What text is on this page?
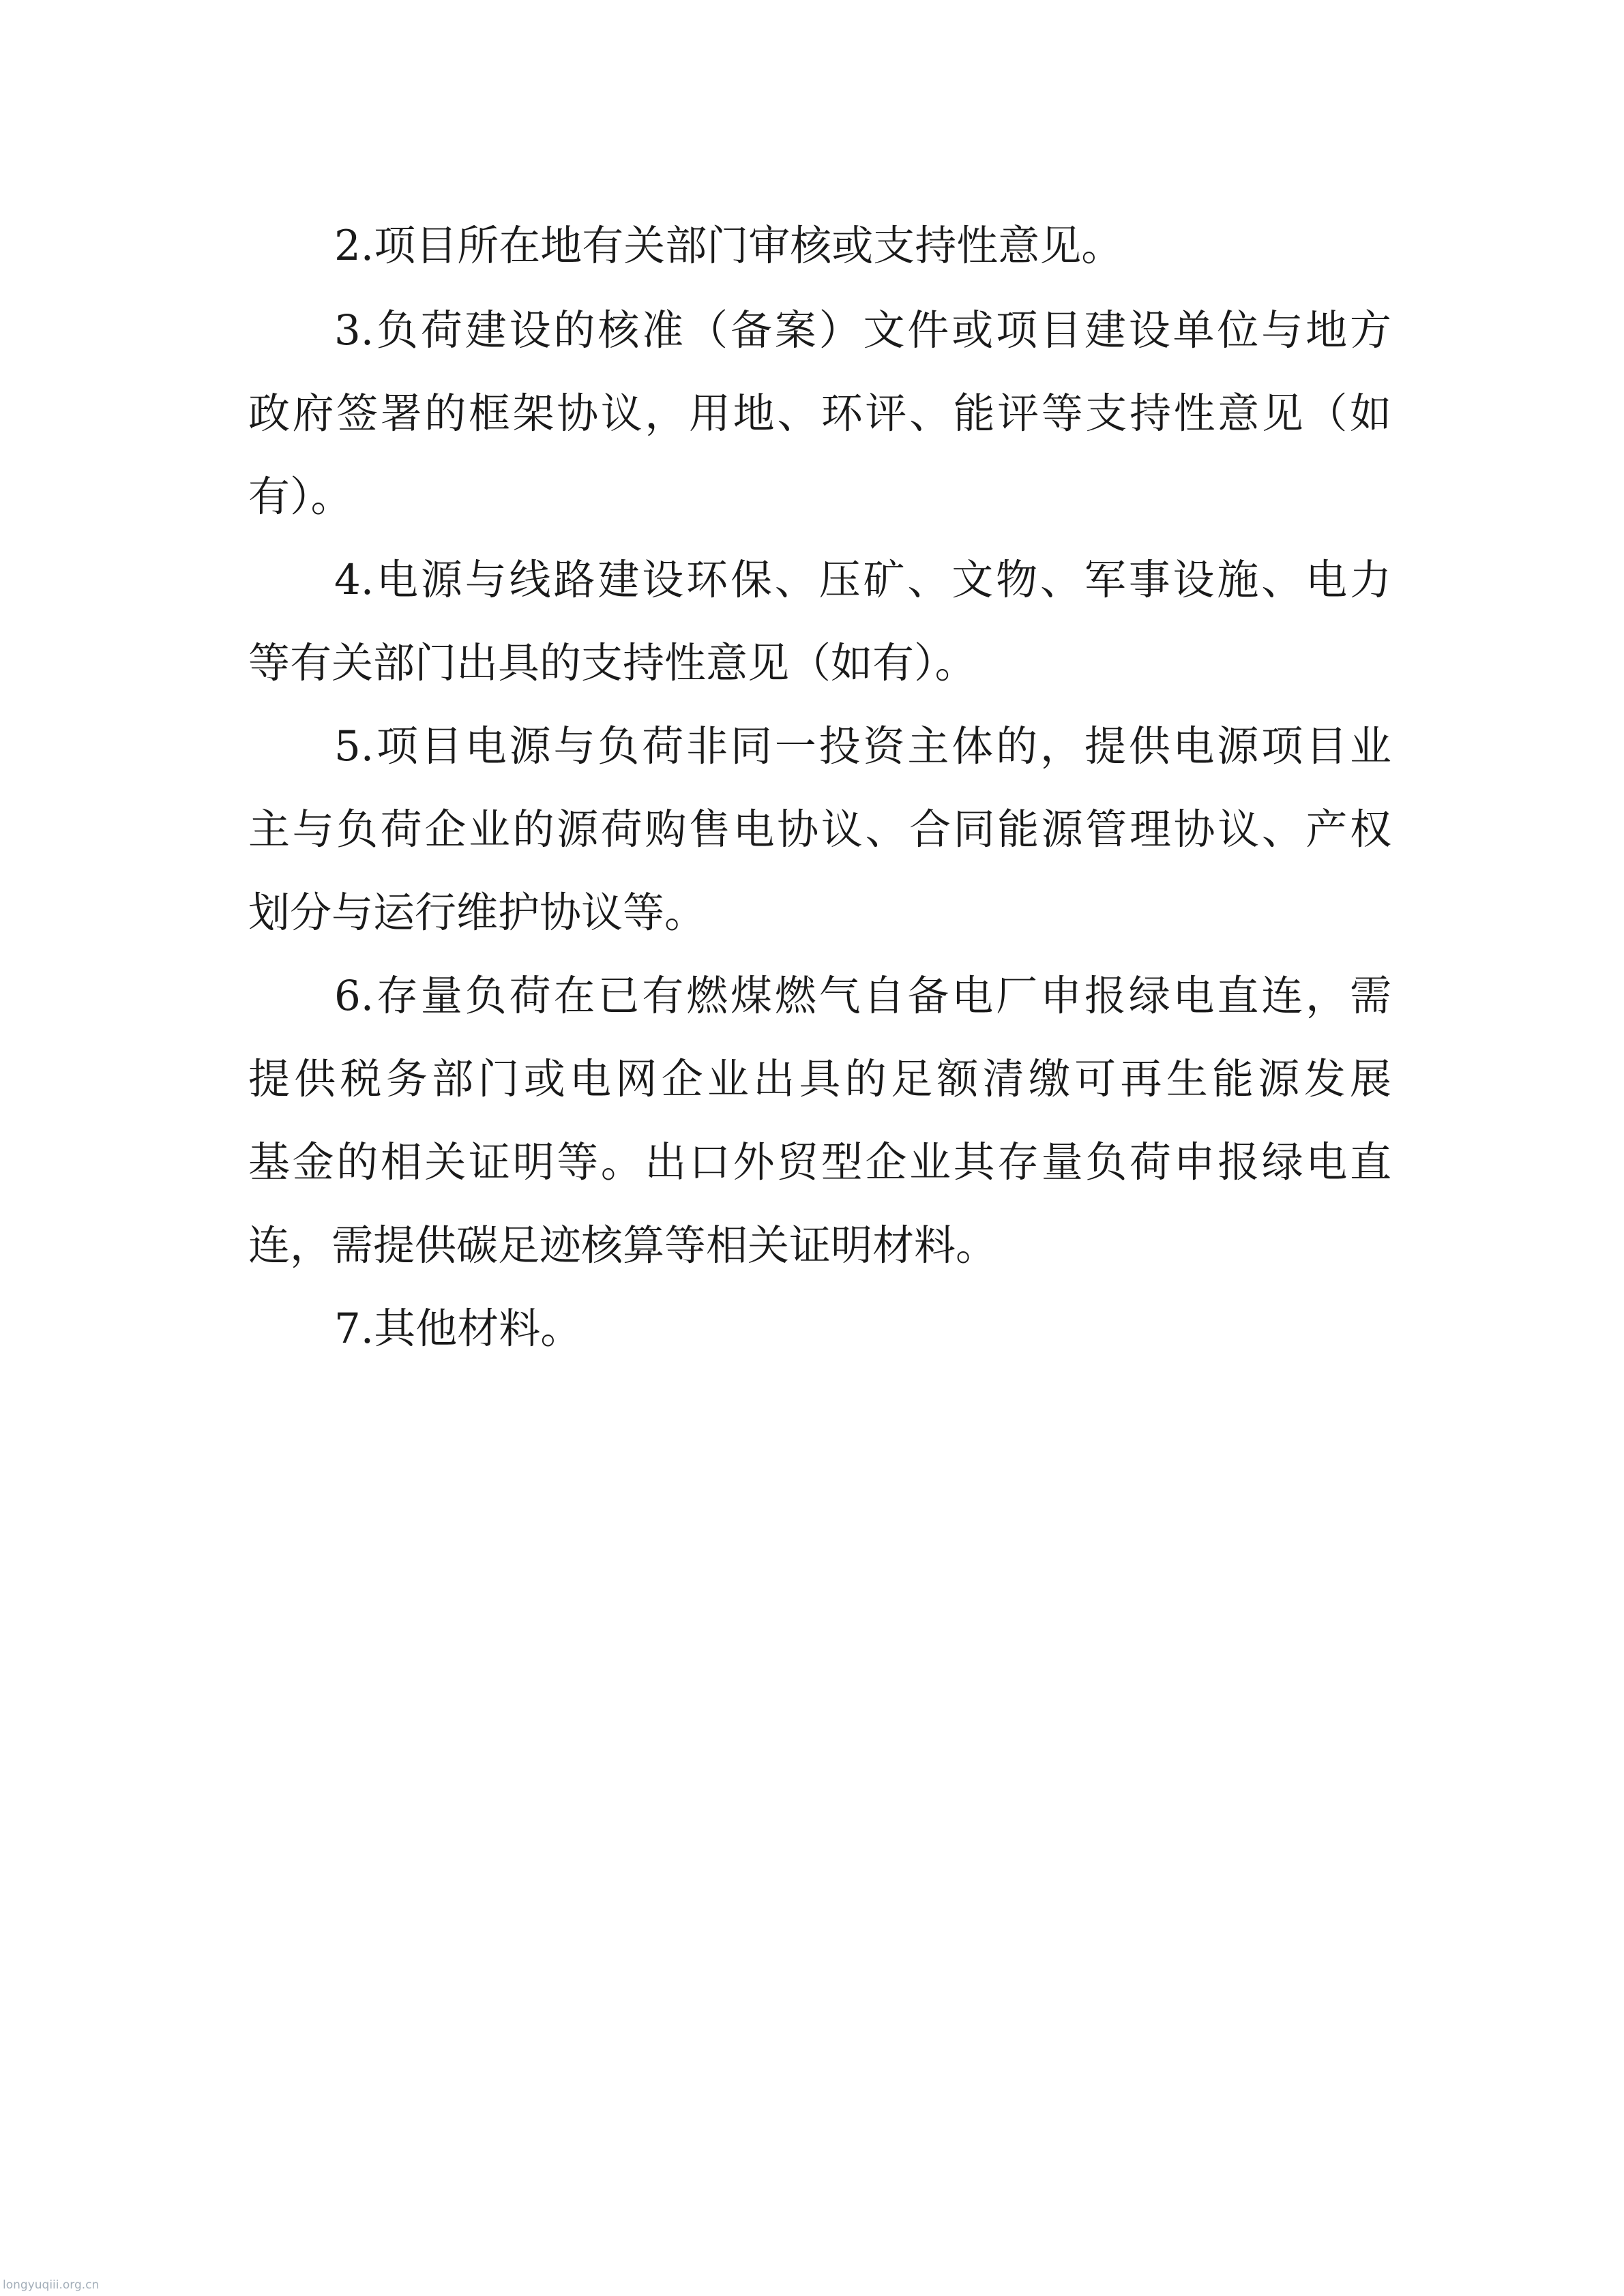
2.项目所在地有关部门审核或支持性意见。
3.负荷建设的核准（备案）文件或项目建设单位与地方
政府签署的框架协议，用地、环评、能评等支持性意见（如
有）。
4.电源与线路建设环保、压矿、文物、军事设施、电力
等有关部门出具的支持性意见（如有）。
5.项目电源与负荷非同一投资主体的，提供电源项目业
主与负荷企业的源荷购售电协议、合同能源管理协议、产权
划分与运行维护协议等。
6.存量负荷在已有燃煤燃气自备电厂申报绿电直连，需
提供税务部门或电网企业出具的足额清缴可再生能源发展
基金的相关证明等。出口外贸型企业其存量负荷申报绿电直
连，需提供碳足迹核算等相关证明材料。
7.其他材料。
longyuqiii.org.cn
